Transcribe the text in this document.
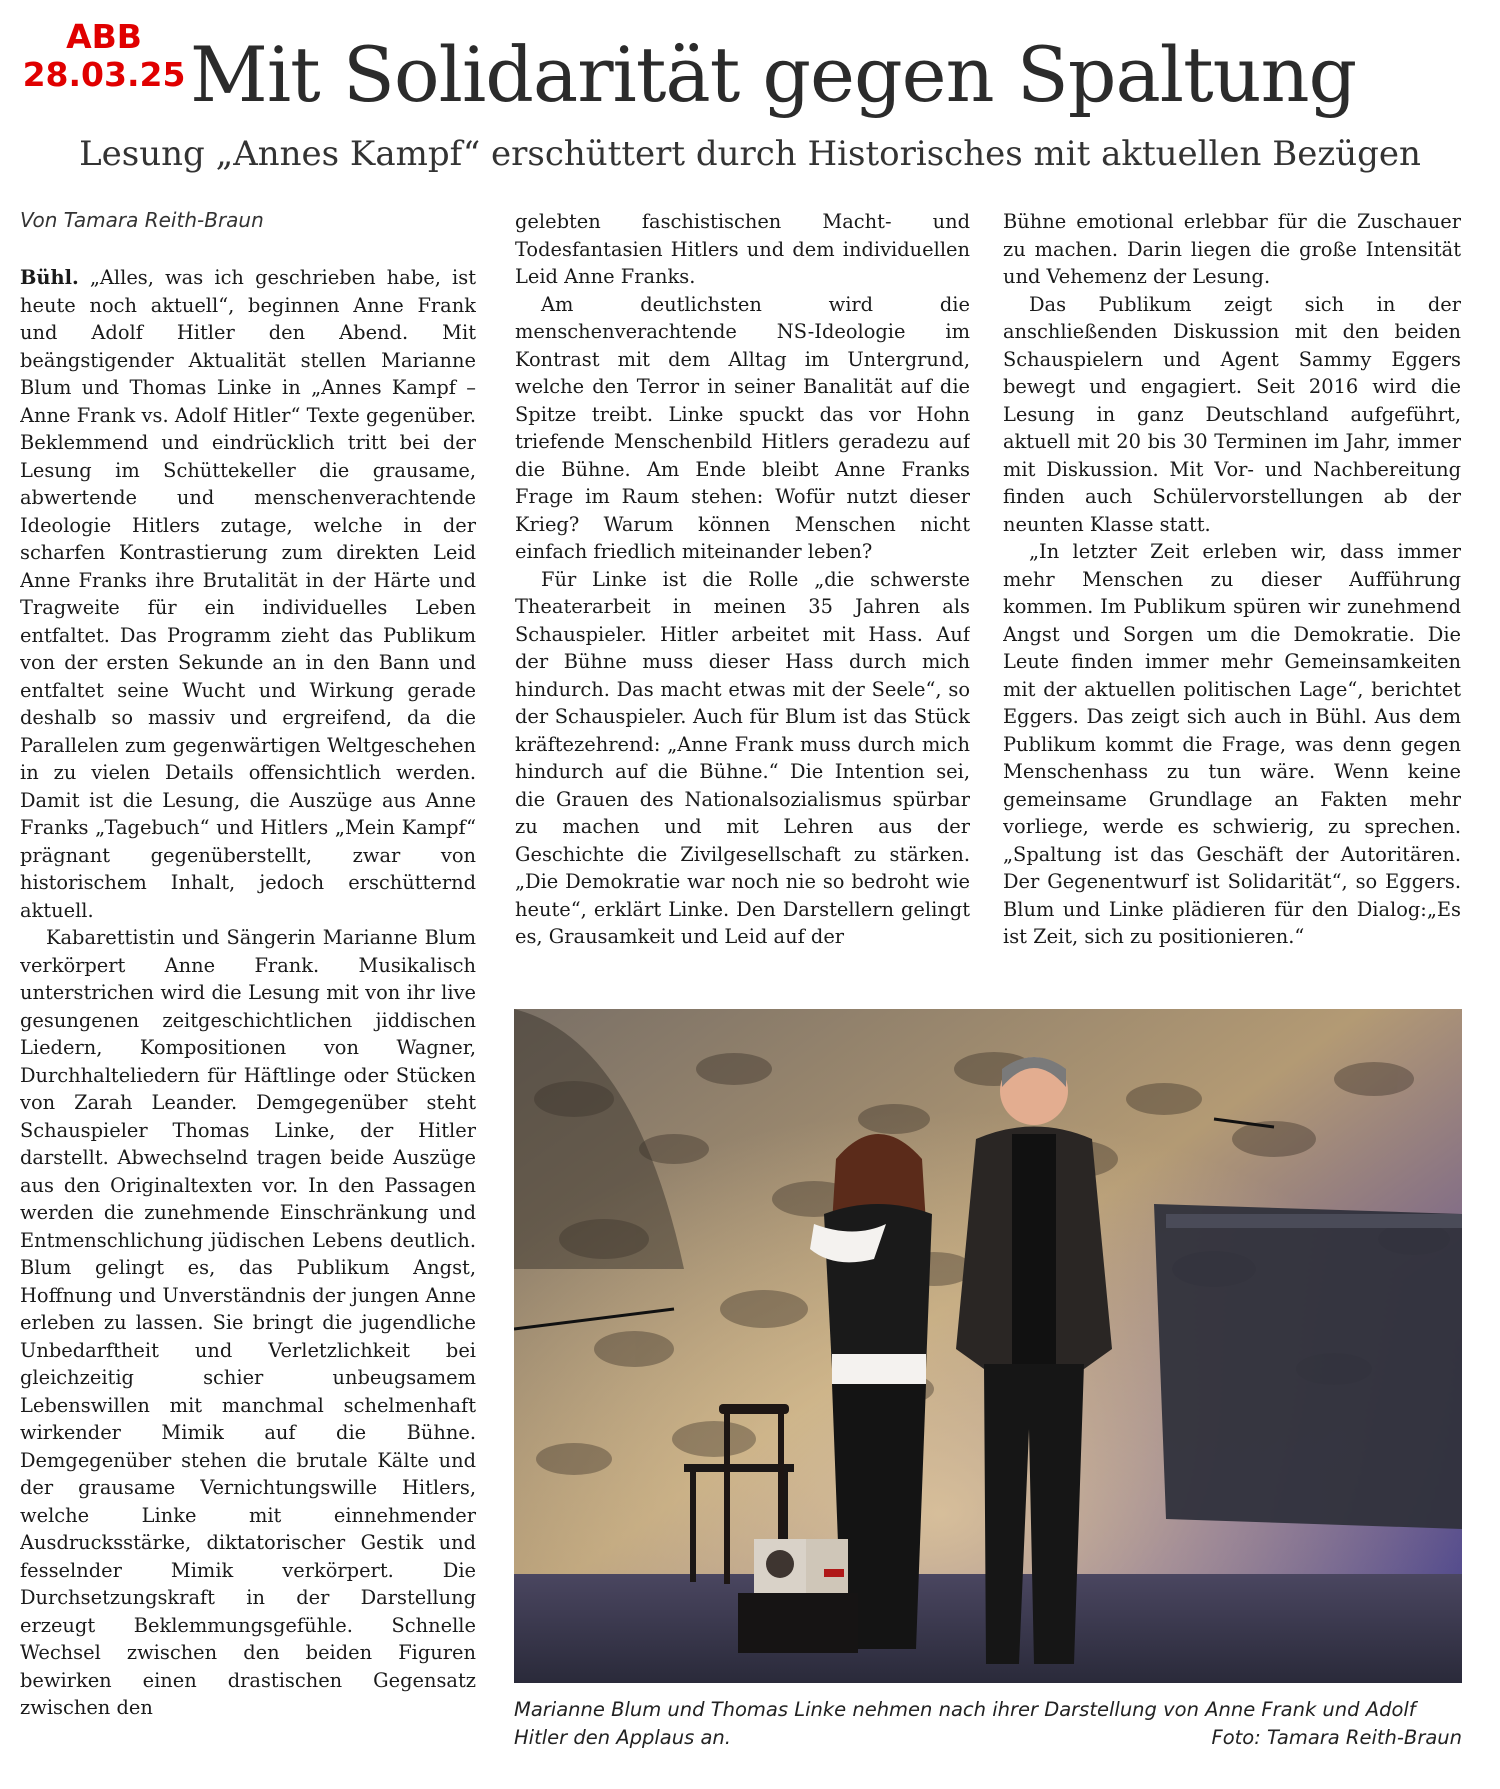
ABB
28.03.25 Mit Solidarität gegen Spaltung
Lesung „Annes Kampf“ erschüttert durch Historisches mit aktuellen Bezügen
Von Tamara Reith-Braun

Bühl. „Alles, was ich geschrieben habe, ist heute noch aktuell“, beginnen Anne Frank und Adolf Hitler den Abend. Mit beängstigender Aktualität stellen Marianne Blum und Thomas Linke in „Annes Kampf – Anne Frank vs. Adolf Hitler“ Texte gegenüber. Beklemmend und eindrücklich tritt bei der Lesung im Schüttekeller die grausame, abwertende und menschenverachtende Ideologie Hitlers zutage, welche in der scharfen Kontrastierung zum direkten Leid Anne Franks ihre Brutalität in der Härte und Tragweite für ein individuelles Leben entfaltet. Das Programm zieht das Publikum von der ersten Sekunde an in den Bann und entfaltet seine Wucht und Wirkung gerade deshalb so massiv und ergreifend, da die Parallelen zum gegenwärtigen Weltgeschehen in zu vielen Details offensichtlich werden. Damit ist die Lesung, die Auszüge aus Anne Franks „Tagebuch“ und Hitlers „Mein Kampf“ prägnant gegenüberstellt, zwar von historischem Inhalt, jedoch erschütternd aktuell.

Kabarettistin und Sängerin Marianne Blum verkörpert Anne Frank. Musikalisch unterstrichen wird die Lesung mit von ihr live gesungenen zeitgeschichtlichen jiddischen Liedern, Kompositionen von Wagner, Durchhalteliedern für Häftlinge oder Stücken von Zarah Leander. Demgegenüber steht Schauspieler Thomas Linke, der Hitler darstellt. Abwechselnd tragen beide Auszüge aus den Originaltexten vor. In den Passagen werden die zunehmende Einschränkung und Entmenschlichung jüdischen Lebens deutlich. Blum gelingt es, das Publikum Angst, Hoffnung und Unverständnis der jungen Anne erleben zu lassen. Sie bringt die jugendliche Unbedarftheit und Verletzlichkeit bei gleichzeitig schier unbeugsamem Lebenswillen mit manchmal schelmenhaft wirkender Mimik auf die Bühne. Demgegenüber stehen die brutale Kälte und der grausame Vernichtungswille Hitlers, welche Linke mit einnehmender Ausdrucksstärke, diktatorischer Gestik und fesselnder Mimik verkörpert. Die Durchsetzungskraft in der Darstellung erzeugt Beklemmungsgefühle. Schnelle Wechsel zwischen den beiden Figuren bewirken einen drastischen Gegensatz zwischen den

gelebten faschistischen Macht- und Todesfantasien Hitlers und dem individuellen Leid Anne Franks.

Am deutlichsten wird die menschenverachtende NS-Ideologie im Kontrast mit dem Alltag im Untergrund, welche den Terror in seiner Banalität auf die Spitze treibt. Linke spuckt das vor Hohn triefende Menschenbild Hitlers geradezu auf die Bühne. Am Ende bleibt Anne Franks Frage im Raum stehen: Wofür nutzt dieser Krieg? Warum können Menschen nicht einfach friedlich miteinander leben?

Für Linke ist die Rolle „die schwerste Theaterarbeit in meinen 35 Jahren als Schauspieler. Hitler arbeitet mit Hass. Auf der Bühne muss dieser Hass durch mich hindurch. Das macht etwas mit der Seele“, so der Schauspieler. Auch für Blum ist das Stück kräftezehrend: „Anne Frank muss durch mich hindurch auf die Bühne.“ Die Intention sei, die Grauen des Nationalsozialismus spürbar zu machen und mit Lehren aus der Geschichte die Zivilgesellschaft zu stärken. „Die Demokratie war noch nie so bedroht wie heute“, erklärt Linke. Den Darstellern gelingt es, Grausamkeit und Leid auf der

Bühne emotional erlebbar für die Zuschauer zu machen. Darin liegen die große Intensität und Vehemenz der Lesung.

Das Publikum zeigt sich in der anschließenden Diskussion mit den beiden Schauspielern und Agent Sammy Eggers bewegt und engagiert. Seit 2016 wird die Lesung in ganz Deutschland aufgeführt, aktuell mit 20 bis 30 Terminen im Jahr, immer mit Diskussion. Mit Vor- und Nachbereitung finden auch Schülervorstellungen ab der neunten Klasse statt.

„In letzter Zeit erleben wir, dass immer mehr Menschen zu dieser Aufführung kommen. Im Publikum spüren wir zunehmend Angst und Sorgen um die Demokratie. Die Leute finden immer mehr Gemeinsamkeiten mit der aktuellen politischen Lage“, berichtet Eggers. Das zeigt sich auch in Bühl. Aus dem Publikum kommt die Frage, was denn gegen Menschenhass zu tun wäre. Wenn keine gemeinsame Grundlage an Fakten mehr vorliege, werde es schwierig, zu sprechen. „Spaltung ist das Geschäft der Autoritären. Der Gegenentwurf ist Solidarität“, so Eggers. Blum und Linke plädieren für den Dialog:„Es ist Zeit, sich zu positionieren.“

Marianne Blum und Thomas Linke nehmen nach ihrer Darstellung von Anne Frank und Adolf Hitler den Applaus an.	Foto: Tamara Reith-Braun
